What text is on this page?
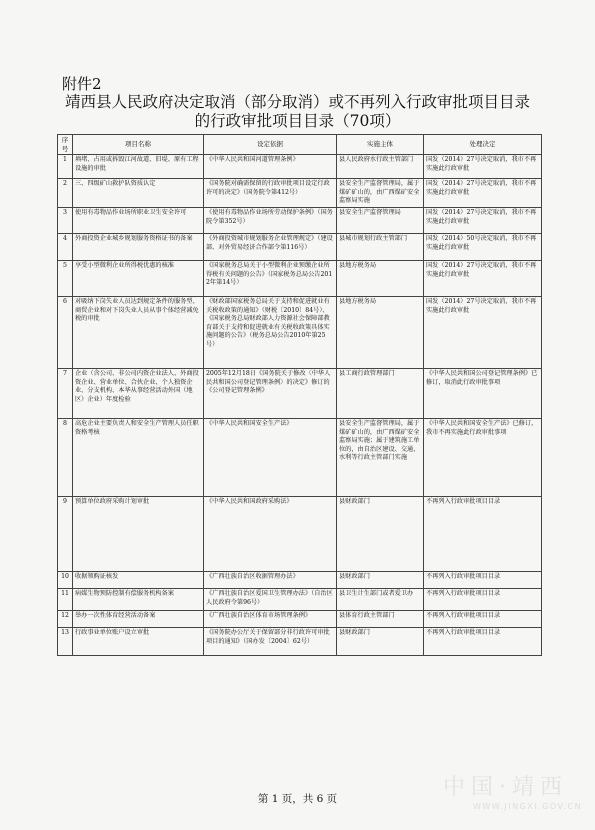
附件2
靖西县人民政府决定取消（部分取消）或不再列入行政审批项目目录
的行政审批项目目录（70项）
序号	项目名称	设定依据	实施主体	处理决定
1	填堵、占用或拆毁江河故道、旧堤、原有工程设施的审批	《中华人民共和国河道管理条例》	县人民政府水行政主管部门	国发（2014）27号决定取消，我市不再实施此行政审批
2	三、四级矿山救护队资质认定	《国务院对确需保留的行政审批项目设定行政许可的决定》（国务院令第412号）	县安全生产监督管理局，属于煤矿矿山的，由广西煤矿安全监察局实施	国发（2014）27号决定取消，我市不再实施此行政审批
3	使用有毒物品作业场所职业卫生安全许可	《使用有毒物品作业场所劳动保护条例》（国务院令第352号）	县安全生产监督管理局	国发（2014）27号决定取消，我市不再实施此行政审批
4	外商投资企业城乡规划服务资格证书的备案	《外商投资城市规划服务企业管理规定》（建设部、对外贸易经济合作部令第116号）	县城市规划行政主管部门	国发（2014）50号决定取消，我市不再实施此行政审批
5	享受小型微利企业所得税优惠的核准	《国家税务总局关于小型微利企业预缴企业所得税有关问题的公告》（国家税务总局公告2012年第14号）	县地方税务局	国发（2014）27号决定取消，我市不再实施此行政审批
6	对吸纳下岗失业人员达到规定条件的服务型、商贸企业和对下岗失业人员从事个体经营减免税的审批	《财政部国家税务总局关于支持和促进就业有关税收政策的通知》（财税〔2010〕84号）、《国家税务总局财政部人力资源社会保障部教育部关于支持和促进就业有关税收政策具体实施问题的公告》（税务总局公告2010年第25号）	县地方税务局	国发（2014）27号决定取消，我市不再实施此行政审批
7	企业（含公司、非公司内资企业法人、外商投资企业、营业单位、合伙企业、个人独资企业、分支机构、本华从事经营活动外国（地区）企业）年度检验	2005年12月18日《国务院关于修改〈中华人民共和国公司登记管理条例〉的决定》修订的《公司登记管理条例》	县工商行政管理部门	《中华人民共和国公司登记管理条例》已修订，取消此行政审批事项
8	高危企业主要负责人和安全生产管理人员任职资格考核	《中华人民共和国安全生产法》	县安全生产监督管理局，属于煤矿矿山的，由广西煤矿安全监察局实施；属于建筑施工单位的，由自治区建设、交通、水利等行政主管部门实施	《中华人民共和国安全生产法》已修订，我市不再实施此行政审批事项
9	预算单位政府采购计划审批	《中华人民共和国政府采购法》	县财政部门	不再列入行政审批项目目录
10	收据领购证核发	《广西壮族自治区收据管理办法》	县财政部门	不再列入行政审批项目目录
11	病媒生物预防控制有偿服务机构备案	《广西壮族自治区爱国卫生管理办法》（自治区人民政府令第96号）	县卫生计生部门或者爱卫办	不再列入行政审批项目目录
12	举办一次性体育经营活动备案	《广西壮族自治区体育市场管理条例》	县体育行政主管部门	不再列入行政审批项目目录
13	行政事业单位账户设立审批	《国务院办公厅关于保留部分非行政许可审批项目的通知》（国办发〔2004〕62号）	县财政部门	不再列入行政审批项目目录
第 1 页，共 6 页	中国·靖西
WWW.JINGXI.GOV.CN
